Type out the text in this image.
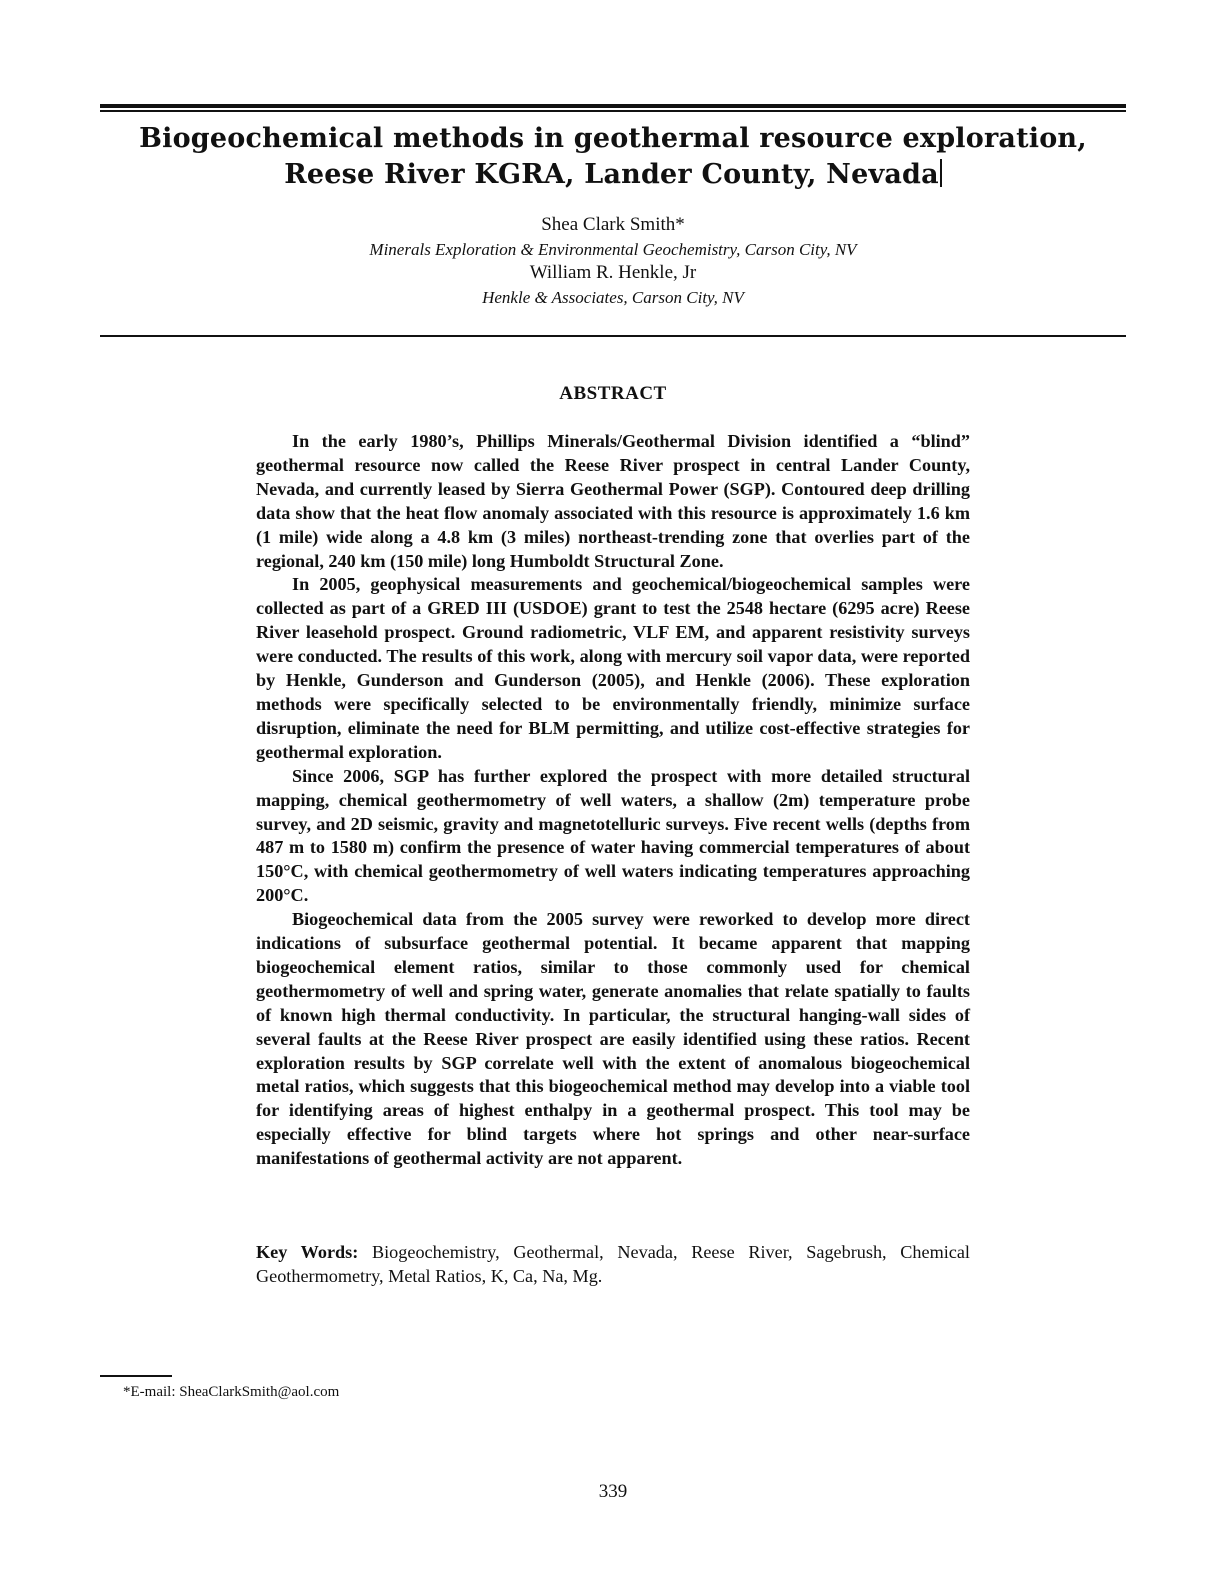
Biogeochemical methods in geothermal resource exploration,
Reese River KGRA, Lander County, Nevada
Shea Clark Smith*
Minerals Exploration & Environmental Geochemistry, Carson City, NV
William R. Henkle, Jr
Henkle & Associates, Carson City, NV
ABSTRACT

In the early 1980’s, Phillips Minerals/Geothermal Division identified a “blind” geothermal resource now called the Reese River prospect in central Lander County, Nevada, and currently leased by Sierra Geothermal Power (SGP). Contoured deep drilling data show that the heat flow anomaly associated with this resource is approximately 1.6 km (1 mile) wide along a 4.8 km (3 miles) northeast-trending zone that overlies part of the regional, 240 km (150 mile) long Humboldt Structural Zone.

In 2005, geophysical measurements and geochemical/biogeochemical samples were collected as part of a GRED III (USDOE) grant to test the 2548 hectare (6295 acre) Reese River leasehold prospect. Ground radiometric, VLF EM, and apparent resistivity surveys were conducted. The results of this work, along with mercury soil vapor data, were reported by Henkle, Gunderson and Gunderson (2005), and Henkle (2006). These exploration methods were specifically selected to be environmentally friendly, minimize surface disruption, eliminate the need for BLM permitting, and utilize cost-effective strategies for geothermal exploration.

Since 2006, SGP has further explored the prospect with more detailed structural mapping, chemical geothermometry of well waters, a shallow (2m) temperature probe survey, and 2D seismic, gravity and magnetotelluric surveys. Five recent wells (depths from 487 m to 1580 m) confirm the presence of water having commercial temperatures of about 150°C, with chemical geothermometry of well waters indicating temperatures approaching 200°C.

Biogeochemical data from the 2005 survey were reworked to develop more direct indications of subsurface geothermal potential. It became apparent that mapping biogeochemical element ratios, similar to those commonly used for chemical geothermometry of well and spring water, generate anomalies that relate spatially to faults of known high thermal conductivity. In particular, the structural hanging-wall sides of several faults at the Reese River prospect are easily identified using these ratios. Recent exploration results by SGP correlate well with the extent of anomalous biogeochemical metal ratios, which suggests that this biogeochemical method may develop into a viable tool for identifying areas of highest enthalpy in a geothermal prospect. This tool may be especially effective for blind targets where hot springs and other near-surface manifestations of geothermal activity are not apparent.

Key Words: Biogeochemistry, Geothermal, Nevada, Reese River, Sagebrush, Chemical Geothermometry, Metal Ratios, K, Ca, Na, Mg.
*E-mail: SheaClarkSmith@aol.com
339
